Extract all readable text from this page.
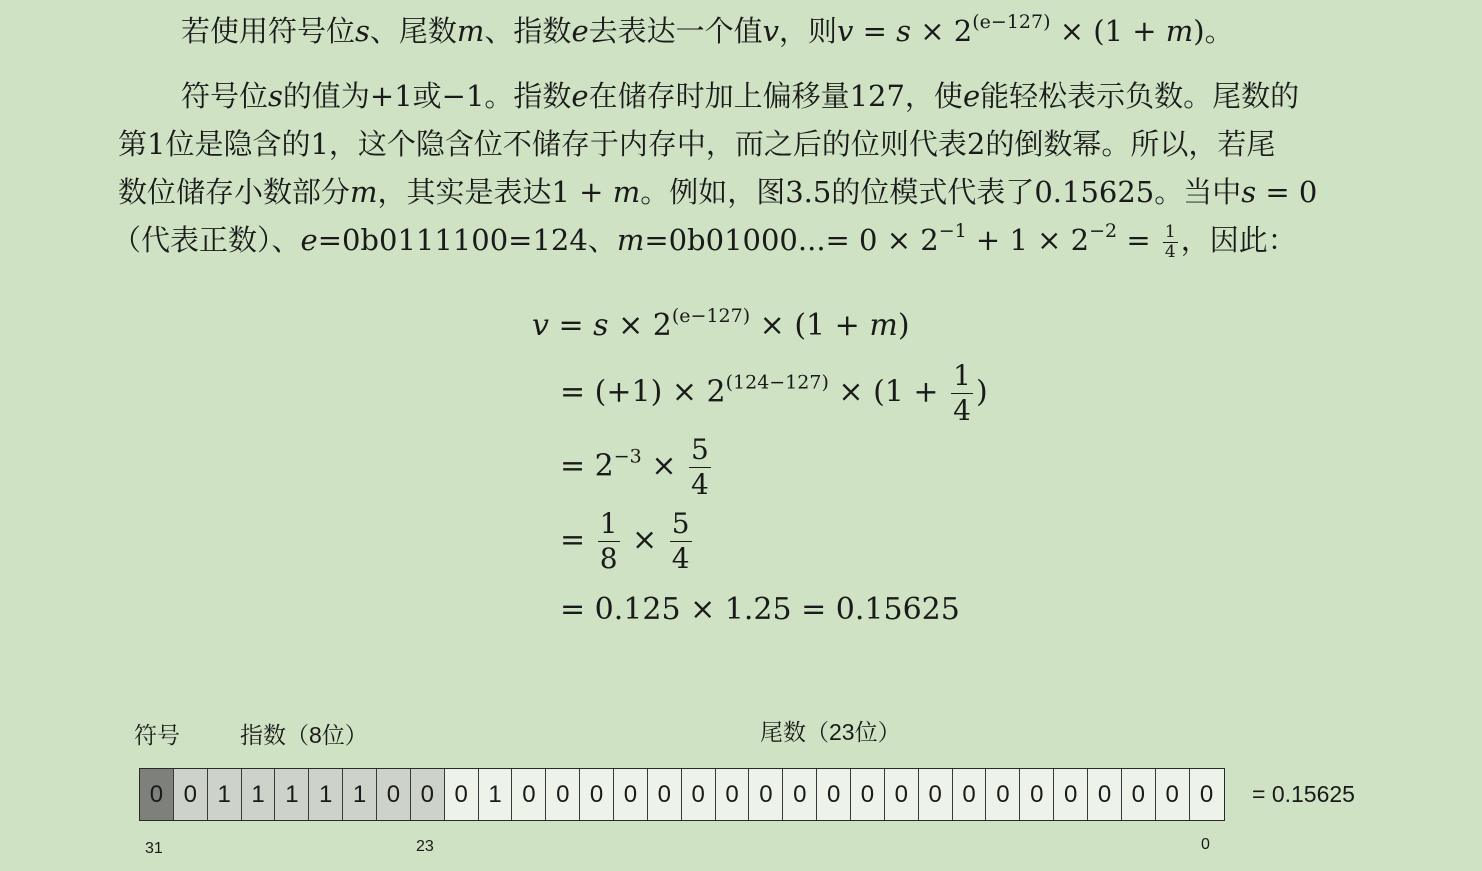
若使用符号位s、尾数m、指数e去表达一个值v，则$v = s \times 2^{(e-127)} \times (1 + m)$。
符号位s的值为+1或−1。指数e在储存时加上偏移量127，使e能轻松表示负数。尾数的
第1位是隐含的1，这个隐含位不储存于内存中，而之后的位则代表2的倒数幂。所以，若尾
数位储存小数部分m，其实是表达1 + m。例如，图3.5的位模式代表了0.15625。当中s = 0
（代表正数）、e=0b0111100=124、$m=0b01000...= 0 \times 2^{-1} + 1 \times 2^{-2} = \frac{1}{4}$ ，因此：
$v = s \times 2^{(e-127)} \times (1 + m)$
= $(+1) \times 2^{(124-127)} \times (1 + \frac{1}{4}$ )
= $2^{-3} \times \frac{5}{4}$
= $\frac{1}{8} \times \frac{5}{4}$
= 0.125 × 1.25 = 0.15625
符号	指数（8位）	尾数（23位）
0 0 1 1 1 1 1 0 0 0 1 0 0 0 0 0 0 0 0 0 0 0 0 0 0 0 0 0 0 0 0 0	= 0.15625
31	23	0
